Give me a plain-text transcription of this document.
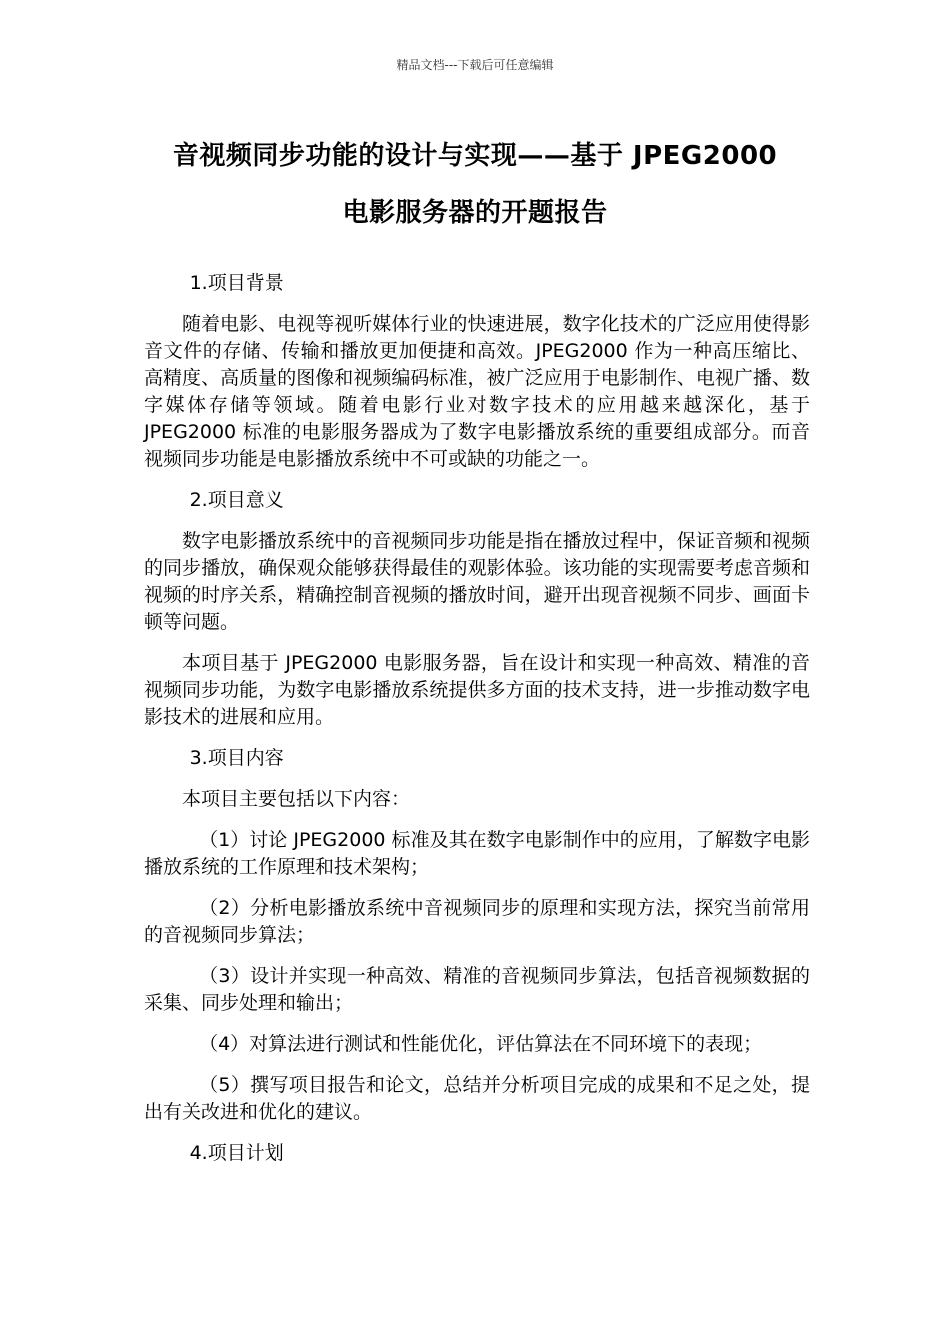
精品文档---下载后可任意编辑
音视频同步功能的设计与实现——基于 JPEG2000
电影服务器的开题报告

1.项目背景

随着电影、电视等视听媒体行业的快速进展，数字化技术的广泛应用使得影音文件的存储、传输和播放更加便捷和高效。JPEG2000 作为一种高压缩比、高精度、高质量的图像和视频编码标准，被广泛应用于电影制作、电视广播、数字媒体存储等领域。随着电影行业对数字技术的应用越来越深化，基于 JPEG2000 标准的电影服务器成为了数字电影播放系统的重要组成部分。而音视频同步功能是电影播放系统中不可或缺的功能之一。

2.项目意义

数字电影播放系统中的音视频同步功能是指在播放过程中，保证音频和视频的同步播放，确保观众能够获得最佳的观影体验。该功能的实现需要考虑音频和视频的时序关系，精确控制音视频的播放时间，避开出现音视频不同步、画面卡顿等问题。

本项目基于 JPEG2000 电影服务器，旨在设计和实现一种高效、精准的音视频同步功能，为数字电影播放系统提供多方面的技术支持，进一步推动数字电影技术的进展和应用。

3.项目内容

本项目主要包括以下内容：

（1）讨论 JPEG2000 标准及其在数字电影制作中的应用，了解数字电影播放系统的工作原理和技术架构；

（2）分析电影播放系统中音视频同步的原理和实现方法，探究当前常用的音视频同步算法；

（3）设计并实现一种高效、精准的音视频同步算法，包括音视频数据的采集、同步处理和输出；

（4）对算法进行测试和性能优化，评估算法在不同环境下的表现；

（5）撰写项目报告和论文，总结并分析项目完成的成果和不足之处，提出有关改进和优化的建议。

4.项目计划
